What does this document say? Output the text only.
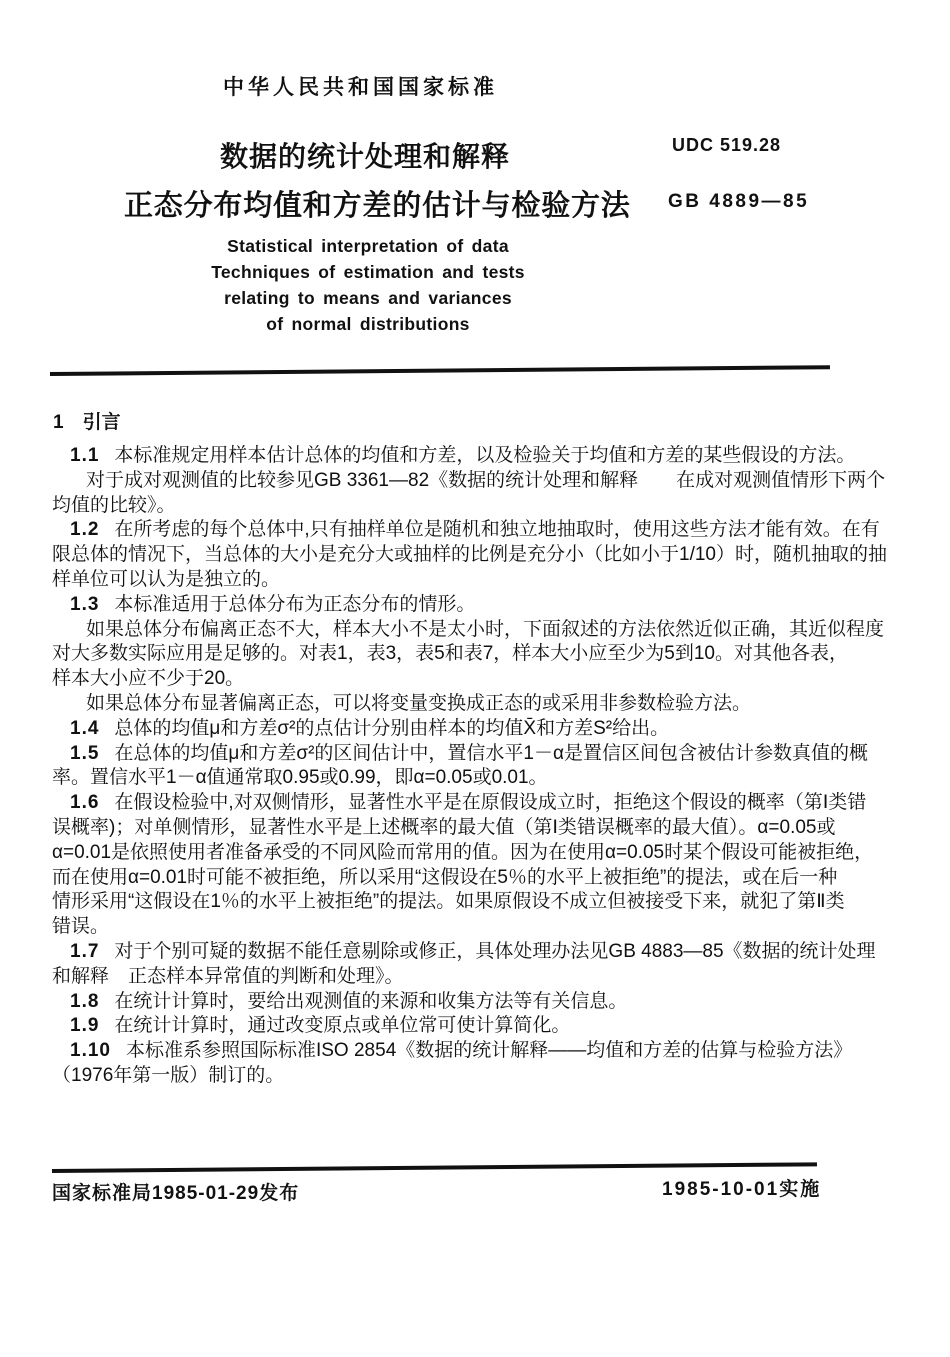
中华人民共和国国家标准
数据的统计处理和解释
正态分布均值和方差的估计与检验方法
UDC 519.28
GB 4889—85
Statistical interpretation of data
Techniques of estimation and tests
relating to means and variances
of normal distributions
1　引言
1.1 本标准规定用样本估计总体的均值和方差，以及检验关于均值和方差的某些假设的方法。
对于成对观测值的比较参见GB 3361—82《数据的统计处理和解释　　在成对观测值情形下两个
均值的比较》。
1.2 在所考虑的每个总体中,只有抽样单位是随机和独立地抽取时，使用这些方法才能有效。在有
限总体的情况下，当总体的大小是充分大或抽样的比例是充分小（比如小于1/10）时，随机抽取的抽
样单位可以认为是独立的。
1.3 本标准适用于总体分布为正态分布的情形。
如果总体分布偏离正态不大，样本大小不是太小时，下面叙述的方法依然近似正确，其近似程度
对大多数实际应用是足够的。对表1，表3，表5和表7，样本大小应至少为5到10。对其他各表，
样本大小应不少于20。
如果总体分布显著偏离正态，可以将变量变换成正态的或采用非参数检验方法。
1.4 总体的均值μ和方差σ²的点估计分别由样本的均值X̄和方差S²给出。
1.5 在总体的均值μ和方差σ²的区间估计中，置信水平1－α是置信区间包含被估计参数真值的概
率。置信水平1－α值通常取0.95或0.99，即α=0.05或0.01。
1.6 在假设检验中,对双侧情形，显著性水平是在原假设成立时，拒绝这个假设的概率（第Ⅰ类错
误概率)；对单侧情形，显著性水平是上述概率的最大值（第Ⅰ类错误概率的最大值）。α=0.05或
α=0.01是依照使用者准备承受的不同风险而常用的值。因为在使用α=0.05时某个假设可能被拒绝，
而在使用α=0.01时可能不被拒绝，所以采用“这假设在5％的水平上被拒绝”的提法，或在后一种
情形采用“这假设在1％的水平上被拒绝”的提法。如果原假设不成立但被接受下来，就犯了第Ⅱ类
错误。
1.7 对于个别可疑的数据不能任意剔除或修正，具体处理办法见GB 4883—85《数据的统计处理
和解释　正态样本异常值的判断和处理》。
1.8 在统计计算时，要给出观测值的来源和收集方法等有关信息。
1.9 在统计计算时，通过改变原点或单位常可使计算简化。
1.10 本标准系参照国际标准ISO 2854《数据的统计解释——均值和方差的估算与检验方法》
（1976年第一版）制订的。
国家标准局1985-01-29发布	1985-10-01实施
